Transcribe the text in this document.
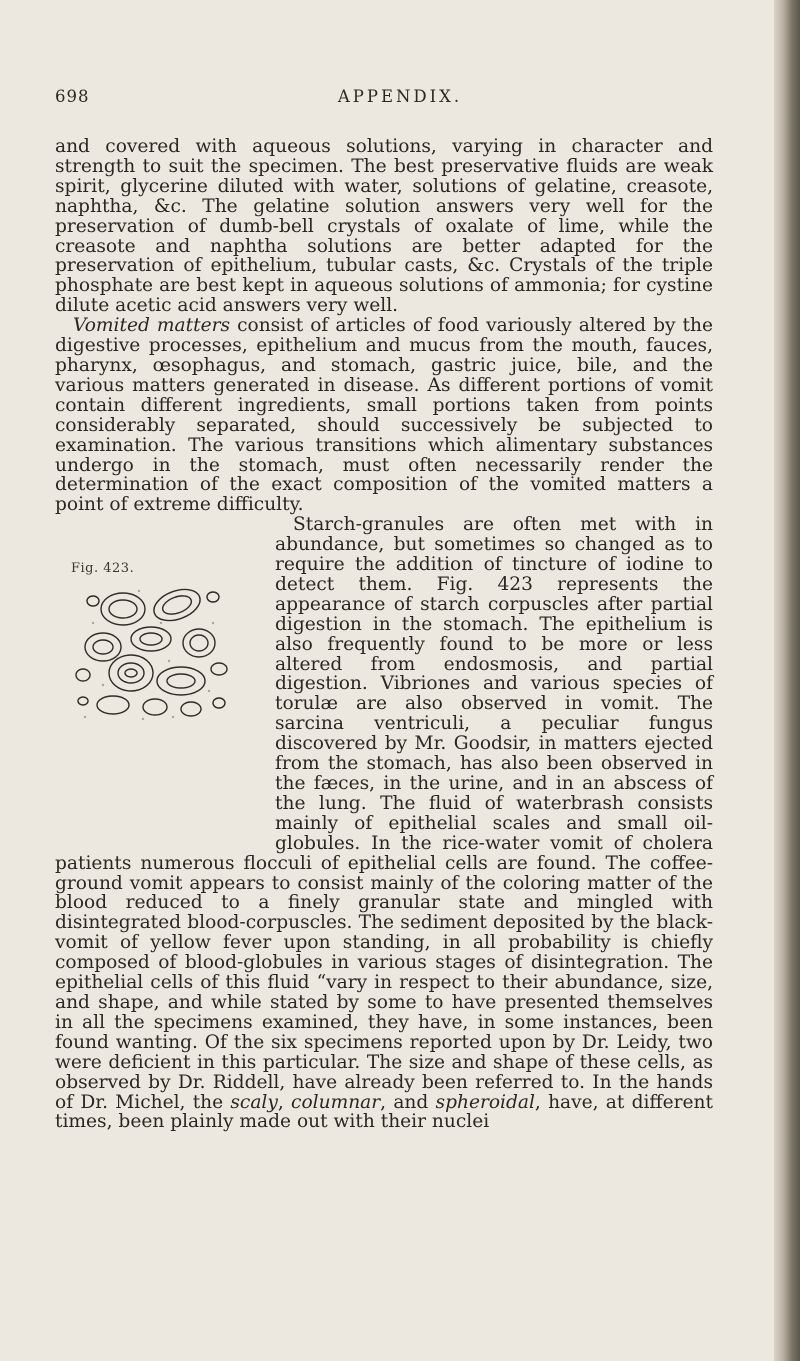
APPENDIX.
698

and covered with aqueous solutions, varying in character and strength to suit the specimen. The best preservative fluids are weak spirit, glycerine diluted with water, solutions of gelatine, creasote, naphtha, &c. The gelatine solution answers very well for the preservation of dumb-bell crystals of oxalate of lime, while the creasote and naphtha solutions are better adapted for the preservation of epithelium, tubular casts, &c. Crystals of the triple phosphate are best kept in aqueous solutions of ammonia; for cystine dilute acetic acid answers very well.

Vomited matters consist of articles of food variously altered by the digestive processes, epithelium and mucus from the mouth, fauces, pharynx, œsophagus, and stomach, gastric juice, bile, and the various matters generated in disease. As different portions of vomit contain different ingredients, small portions taken from points considerably separated, should successively be subjected to examination. The various transitions which alimentary substances undergo in the stomach, must often necessarily render the determination of the exact composition of the vomited matters a point of extreme difficulty.

Fig. 423.
Starch-granules are often met with in abundance, but sometimes so changed as to require the addition of tincture of iodine to detect them. Fig. 423 represents the appearance of starch corpuscles after partial digestion in the stomach. The epithelium is also frequently found to be more or less altered from endosmosis, and partial digestion. Vibriones and various species of torulæ are also observed in vomit. The sarcina ventriculi, a peculiar fungus discovered by Mr. Goodsir, in matters ejected from the stomach, has also been observed in the fæces, in the urine, and in an abscess of the lung. The fluid of waterbrash consists mainly of epithelial scales and small oil-globules. In the rice-water vomit of cholera patients numerous flocculi of epithelial cells are found. The coffee-ground vomit appears to consist mainly of the coloring matter of the blood reduced to a finely granular state and mingled with disintegrated blood-corpuscles. The sediment deposited by the black-vomit of yellow fever upon standing, in all probability is chiefly composed of blood-globules in various stages of disintegration. The epithelial cells of this fluid “vary in respect to their abundance, size, and shape, and while stated by some to have presented themselves in all the specimens examined, they have, in some instances, been found wanting. Of the six specimens reported upon by Dr. Leidy, two were deficient in this particular. The size and shape of these cells, as observed by Dr. Riddell, have already been referred to. In the hands of Dr. Michel, the scaly, columnar, and spheroidal, have, at different times, been plainly made out with their nuclei
